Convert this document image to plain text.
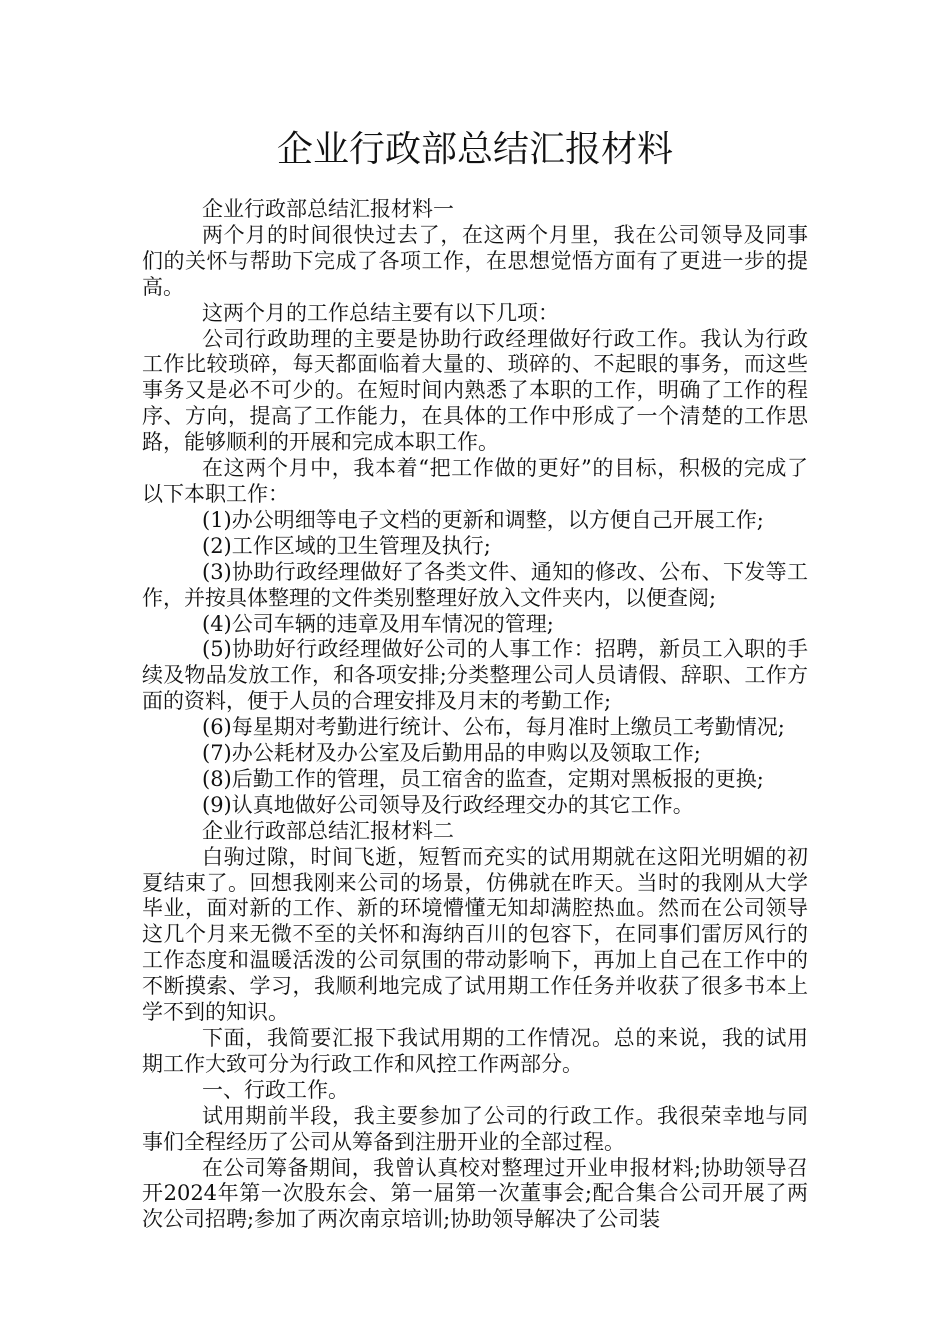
企业行政部总结汇报材料

企业行政部总结汇报材料一

两个月的时间很快过去了，在这两个月里，我在公司领导及同事们的关怀与帮助下完成了各项工作，在思想觉悟方面有了更进一步的提高。

这两个月的工作总结主要有以下几项：

公司行政助理的主要是协助行政经理做好行政工作。我认为行政工作比较琐碎，每天都面临着大量的、琐碎的、不起眼的事务，而这些事务又是必不可少的。在短时间内熟悉了本职的工作，明确了工作的程序、方向，提高了工作能力，在具体的工作中形成了一个清楚的工作思路，能够顺利的开展和完成本职工作。

在这两个月中，我本着“把工作做的更好”的目标，积极的完成了以下本职工作：

(1)办公明细等电子文档的更新和调整，以方便自己开展工作;

(2)工作区域的卫生管理及执行;

(3)协助行政经理做好了各类文件、通知的修改、公布、下发等工作，并按具体整理的文件类别整理好放入文件夹内，以便查阅;

(4)公司车辆的违章及用车情况的管理;

(5)协助好行政经理做好公司的人事工作：招聘，新员工入职的手续及物品发放工作，和各项安排;分类整理公司人员请假、辞职、工作方面的资料，便于人员的合理安排及月末的考勤工作;

(6)每星期对考勤进行统计、公布，每月准时上缴员工考勤情况;

(7)办公耗材及办公室及后勤用品的申购以及领取工作;

(8)后勤工作的管理，员工宿舍的监查，定期对黑板报的更换;

(9)认真地做好公司领导及行政经理交办的其它工作。

企业行政部总结汇报材料二

白驹过隙，时间飞逝，短暂而充实的试用期就在这阳光明媚的初夏结束了。回想我刚来公司的场景，仿佛就在昨天。当时的我刚从大学毕业，面对新的工作、新的环境懵懂无知却满腔热血。然而在公司领导这几个月来无微不至的关怀和海纳百川的包容下，在同事们雷厉风行的工作态度和温暖活泼的公司氛围的带动影响下，再加上自己在工作中的不断摸索、学习，我顺利地完成了试用期工作任务并收获了很多书本上学不到的知识。

下面，我简要汇报下我试用期的工作情况。总的来说，我的试用期工作大致可分为行政工作和风控工作两部分。

一、行政工作。

试用期前半段，我主要参加了公司的行政工作。我很荣幸地与同事们全程经历了公司从筹备到注册开业的全部过程。

在公司筹备期间，我曾认真校对整理过开业申报材料;协助领导召开2024年第一次股东会、第一届第一次董事会;配合集合公司开展了两次公司招聘;参加了两次南京培训;协助领导解决了公司装
